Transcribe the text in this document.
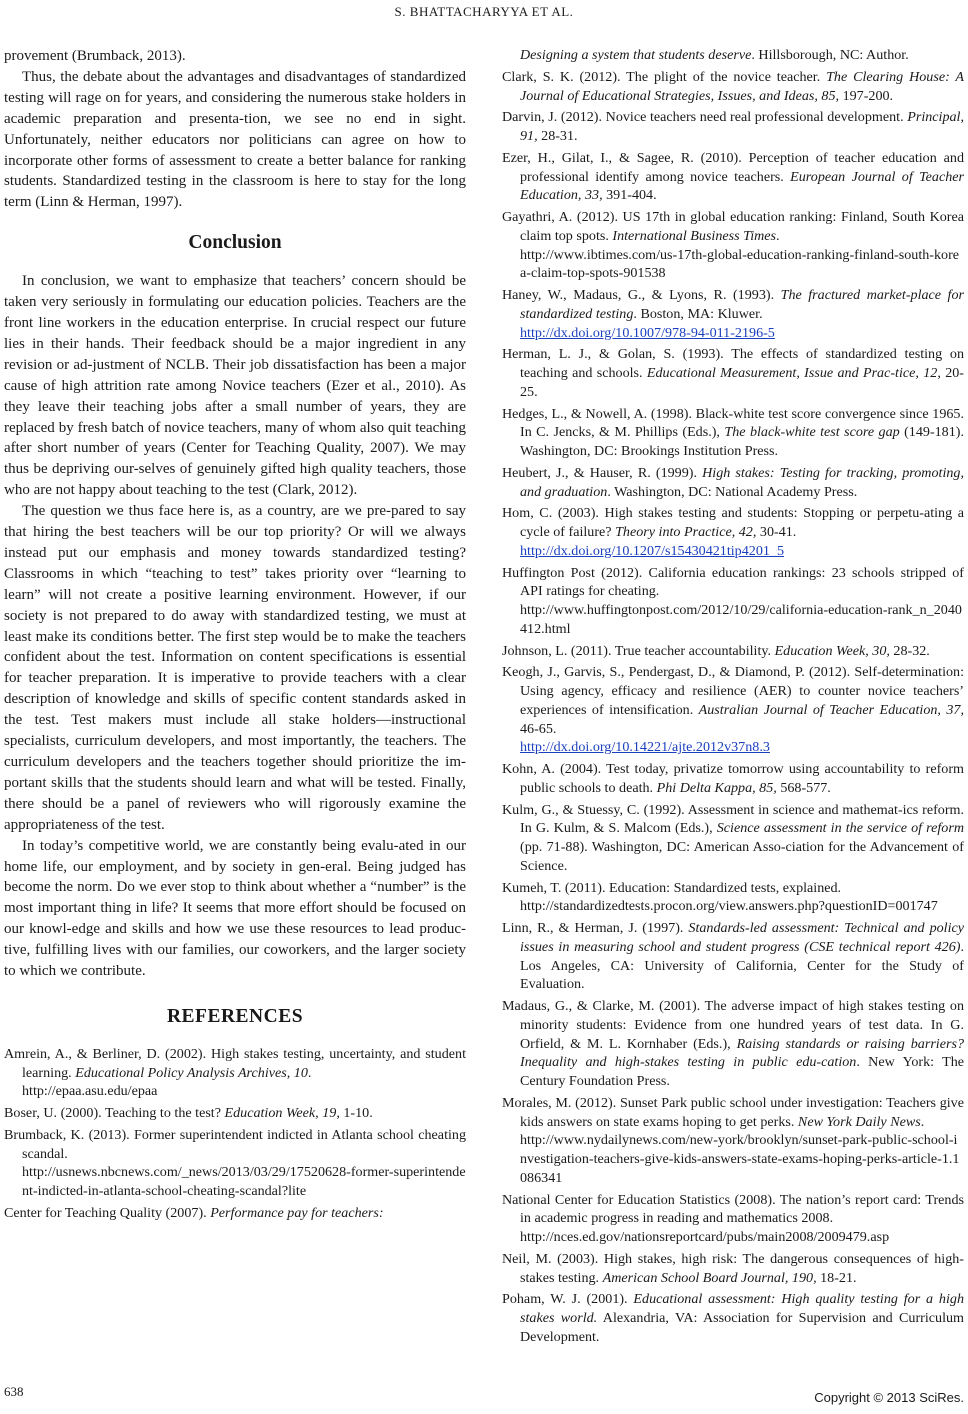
S. BHATTACHARYYA ET AL.

provement (Brumback, 2013).

Thus, the debate about the advantages and disadvantages of standardized testing will rage on for years, and considering the numerous stake holders in academic preparation and presenta-tion, we see no end in sight. Unfortunately, neither educators nor politicians can agree on how to incorporate other forms of assessment to create a better balance for ranking students. Standardized testing in the classroom is here to stay for the long term (Linn & Herman, 1997).

Conclusion

In conclusion, we want to emphasize that teachers’ concern should be taken very seriously in formulating our education policies. Teachers are the front line workers in the education enterprise. In crucial respect our future lies in their hands. Their feedback should be a major ingredient in any revision or ad-justment of NCLB. Their job dissatisfaction has been a major cause of high attrition rate among Novice teachers (Ezer et al., 2010). As they leave their teaching jobs after a small number of years, they are replaced by fresh batch of novice teachers, many of whom also quit teaching after short number of years (Center for Teaching Quality, 2007). We may thus be depriving our-selves of genuinely gifted high quality teachers, those who are not happy about teaching to the test (Clark, 2012).

The question we thus face here is, as a country, are we pre-pared to say that hiring the best teachers will be our top priority? Or will we always instead put our emphasis and money towards standardized testing? Classrooms in which “teaching to test” takes priority over “learning to learn” will not create a positive learning environment. However, if our society is not prepared to do away with standardized testing, we must at least make its conditions better. The first step would be to make the teachers confident about the test. Information on content specifications is essential for teacher preparation. It is imperative to provide teachers with a clear description of knowledge and skills of specific content standards asked in the test. Test makers must include all stake holders—instructional specialists, curriculum developers, and most importantly, the teachers. The curriculum developers and the teachers together should prioritize the im-portant skills that the students should learn and what will be tested. Finally, there should be a panel of reviewers who will rigorously examine the appropriateness of the test.

In today’s competitive world, we are constantly being evalu-ated in our home life, our employment, and by society in gen-eral. Being judged has become the norm. Do we ever stop to think about whether a “number” is the most important thing in life? It seems that more effort should be focused on our knowl-edge and skills and how we use these resources to lead produc-tive, fulfilling lives with our families, our coworkers, and the larger society to which we contribute.

REFERENCES
Amrein, A., & Berliner, D. (2002). High stakes testing, uncertainty, and student learning. Educational Policy Analysis Archives, 10.
http://epaa.asu.edu/epaa
Boser, U. (2000). Teaching to the test? Education Week, 19, 1-10.
Brumback, K. (2013). Former superintendent indicted in Atlanta school cheating scandal.
http://usnews.nbcnews.com/_news/2013/03/29/17520628-former-superintendent-indicted-in-atlanta-school-cheating-scandal?lite
Center for Teaching Quality (2007). Performance pay for teachers:
Designing a system that students deserve. Hillsborough, NC: Author.
Clark, S. K. (2012). The plight of the novice teacher. The Clearing House: A Journal of Educational Strategies, Issues, and Ideas, 85, 197-200.
Darvin, J. (2012). Novice teachers need real professional development. Principal, 91, 28-31.
Ezer, H., Gilat, I., & Sagee, R. (2010). Perception of teacher education and professional identify among novice teachers. European Journal of Teacher Education, 33, 391-404.
Gayathri, A. (2012). US 17th in global education ranking: Finland, South Korea claim top spots. International Business Times.
http://www.ibtimes.com/us-17th-global-education-ranking-finland-south-korea-claim-top-spots-901538
Haney, W., Madaus, G., & Lyons, R. (1993). The fractured market-place for standardized testing. Boston, MA: Kluwer.
http://dx.doi.org/10.1007/978-94-011-2196-5
Herman, L. J., & Golan, S. (1993). The effects of standardized testing on teaching and schools. Educational Measurement, Issue and Prac-tice, 12, 20-25.
Hedges, L., & Nowell, A. (1998). Black-white test score convergence since 1965. In C. Jencks, & M. Phillips (Eds.), The black-white test score gap (149-181). Washington, DC: Brookings Institution Press.
Heubert, J., & Hauser, R. (1999). High stakes: Testing for tracking, promoting, and graduation. Washington, DC: National Academy Press.
Hom, C. (2003). High stakes testing and students: Stopping or perpetu-ating a cycle of failure? Theory into Practice, 42, 30-41.
http://dx.doi.org/10.1207/s15430421tip4201_5
Huffington Post (2012). California education rankings: 23 schools stripped of API ratings for cheating.
http://www.huffingtonpost.com/2012/10/29/california-education-rank_n_2040412.html
Johnson, L. (2011). True teacher accountability. Education Week, 30, 28-32.
Keogh, J., Garvis, S., Pendergast, D., & Diamond, P. (2012). Self-determination: Using agency, efficacy and resilience (AER) to counter novice teachers’ experiences of intensification. Australian Journal of Teacher Education, 37, 46-65.
http://dx.doi.org/10.14221/ajte.2012v37n8.3
Kohn, A. (2004). Test today, privatize tomorrow using accountability to reform public schools to death. Phi Delta Kappa, 85, 568-577.
Kulm, G., & Stuessy, C. (1992). Assessment in science and mathemat-ics reform. In G. Kulm, & S. Malcom (Eds.), Science assessment in the service of reform (pp. 71-88). Washington, DC: American Asso-ciation for the Advancement of Science.
Kumeh, T. (2011). Education: Standardized tests, explained.
http://standardizedtests.procon.org/view.answers.php?questionID=001747
Linn, R., & Herman, J. (1997). Standards-led assessment: Technical and policy issues in measuring school and student progress (CSE technical report 426). Los Angeles, CA: University of California, Center for the Study of Evaluation.
Madaus, G., & Clarke, M. (2001). The adverse impact of high stakes testing on minority students: Evidence from one hundred years of test data. In G. Orfield, & M. L. Kornhaber (Eds.), Raising standards or raising barriers? Inequality and high-stakes testing in public edu-cation. New York: The Century Foundation Press.
Morales, M. (2012). Sunset Park public school under investigation: Teachers give kids answers on state exams hoping to get perks. New York Daily News.
http://www.nydailynews.com/new-york/brooklyn/sunset-park-public-school-investigation-teachers-give-kids-answers-state-exams-hoping-perks-article-1.1086341
National Center for Education Statistics (2008). The nation’s report card: Trends in academic progress in reading and mathematics 2008.
http://nces.ed.gov/nationsreportcard/pubs/main2008/2009479.asp
Neil, M. (2003). High stakes, high risk: The dangerous consequences of high-stakes testing. American School Board Journal, 190, 18-21.
Poham, W. J. (2001). Educational assessment: High quality testing for a high stakes world. Alexandria, VA: Association for Supervision and Curriculum Development.
638	Copyright © 2013 SciRes.
